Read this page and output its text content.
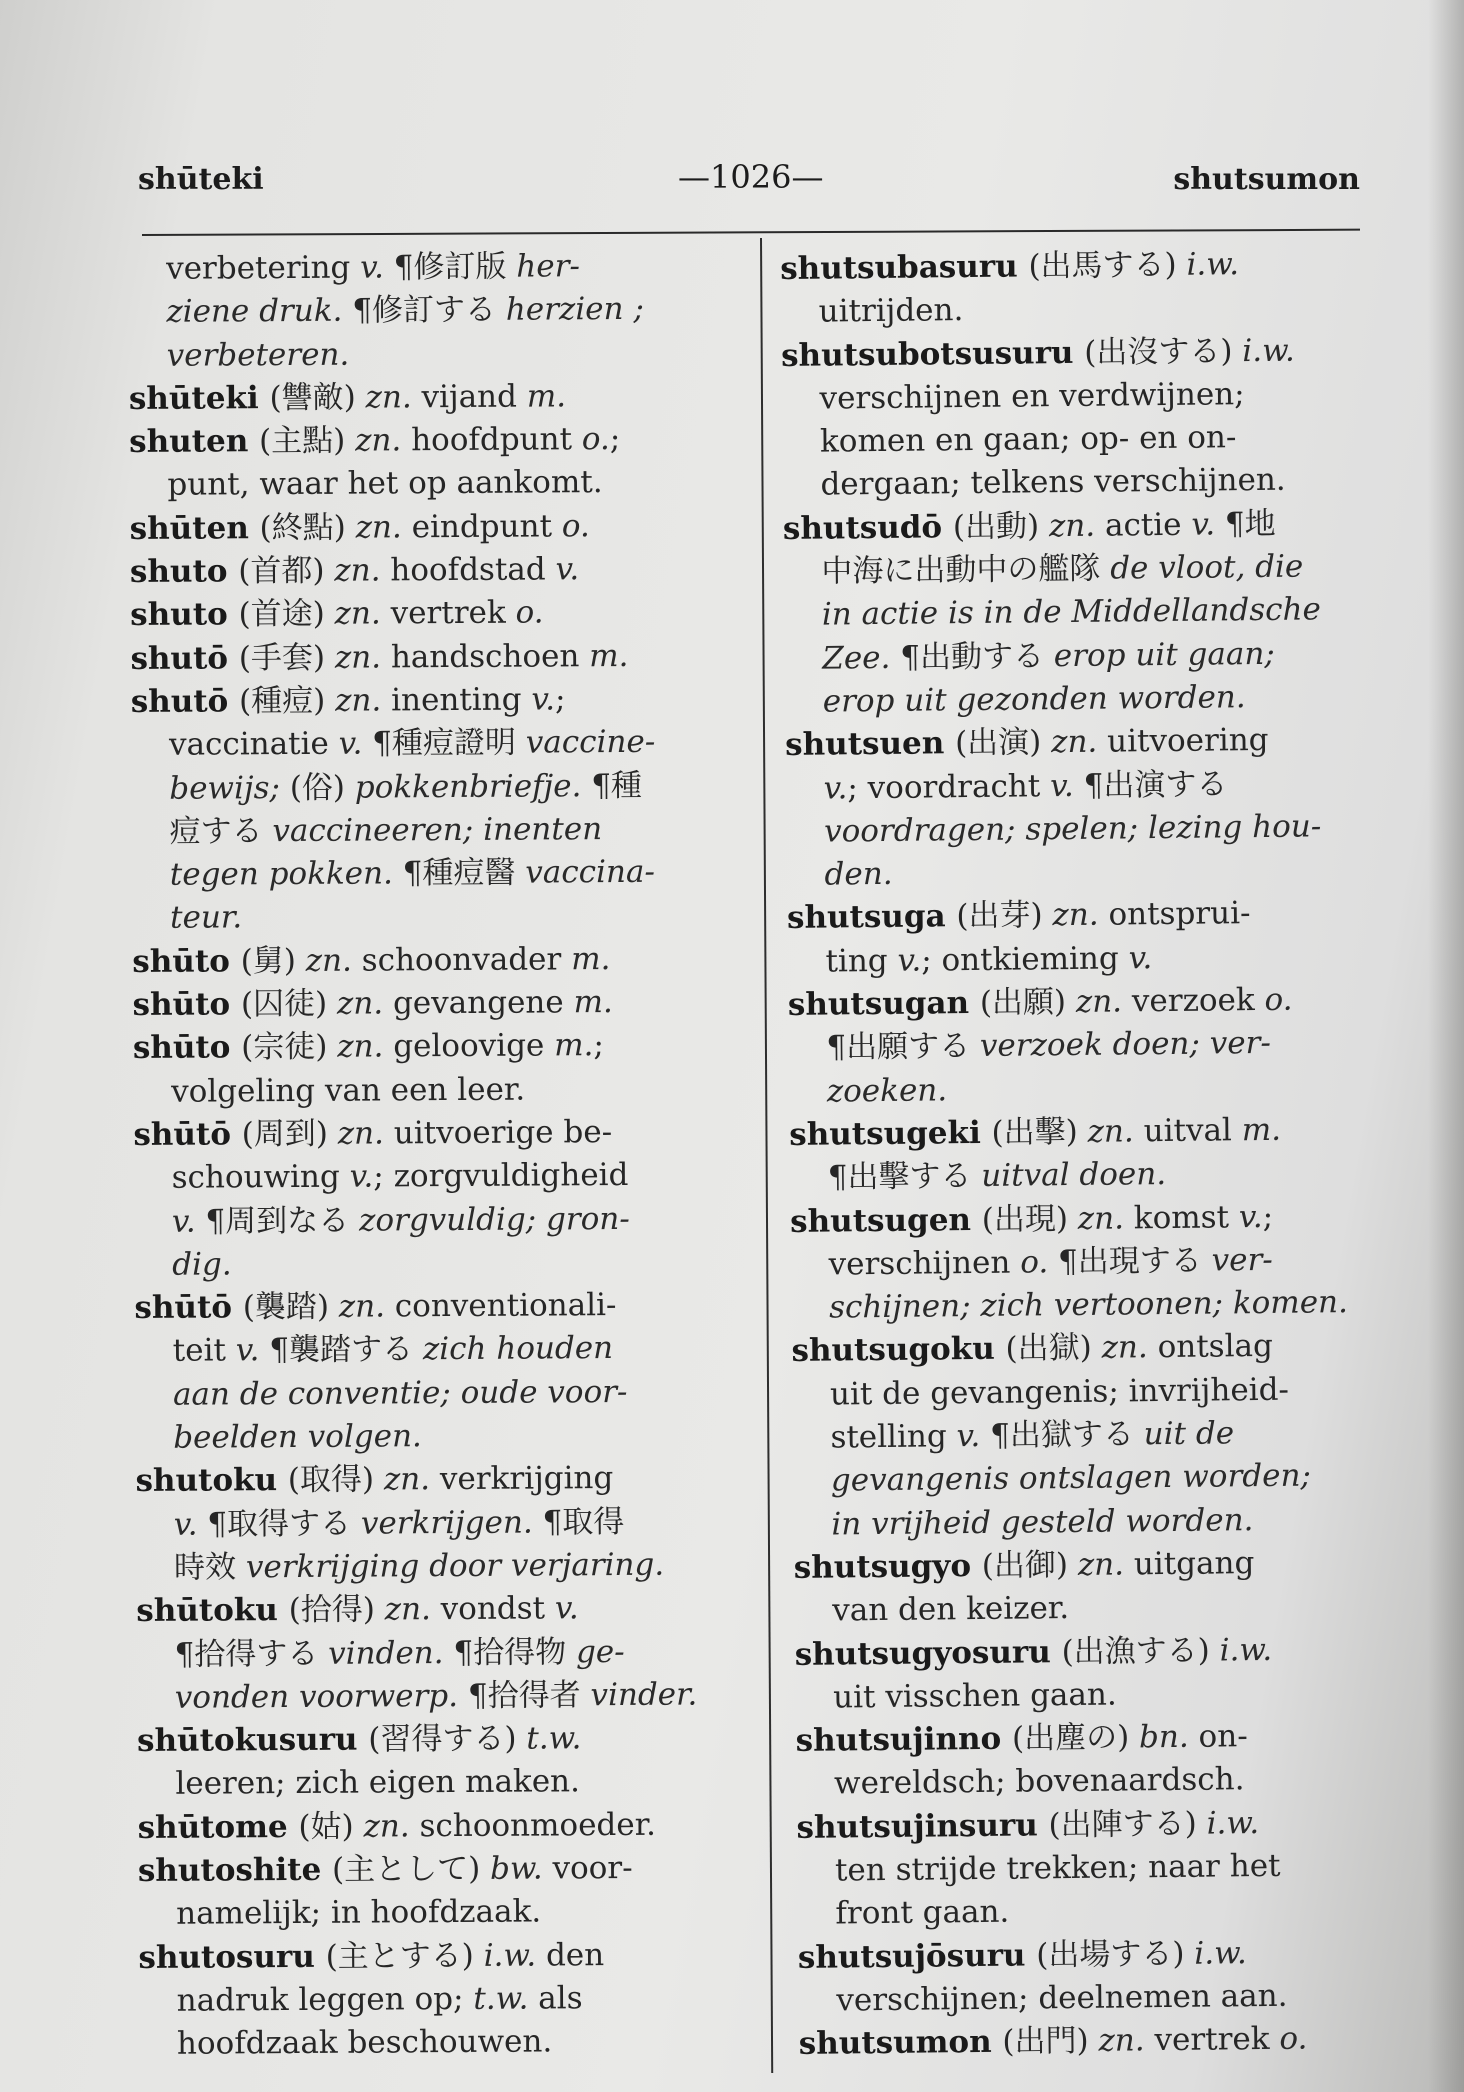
shūteki	—1026—	shutsumon
verbetering v. ¶修訂版 her-
ziene druk. ¶修訂する herzien ;
verbeteren.
shūteki (讐敵) zn. vijand m.
shuten (主點) zn. hoofdpunt o.;
punt, waar het op aankomt.
shūten (終點) zn. eindpunt o.
shuto (首都) zn. hoofdstad v.
shuto (首途) zn. vertrek o.
shutō (手套) zn. handschoen m.
shutō (種痘) zn. inenting v.;
vaccinatie v. ¶種痘證明 vaccine-
bewijs; (俗) pokkenbriefje. ¶種
痘する vaccineeren; inenten
tegen pokken. ¶種痘醫 vaccina-
teur.
shūto (舅) zn. schoonvader m.
shūto (囚徒) zn. gevangene m.
shūto (宗徒) zn. geloovige m.;
volgeling van een leer.
shūtō (周到) zn. uitvoerige be-
schouwing v.; zorgvuldigheid
v. ¶周到なる zorgvuldig; gron-
dig.
shūtō (襲踏) zn. conventionali-
teit v. ¶襲踏する zich houden
aan de conventie; oude voor-
beelden volgen.
shutoku (取得) zn. verkrijging
v. ¶取得する verkrijgen. ¶取得
時效 verkrijging door verjaring.
shūtoku (拾得) zn. vondst v.
¶拾得する vinden. ¶拾得物 ge-
vonden voorwerp. ¶拾得者 vinder.
shūtokusuru (習得する) t.w.
leeren; zich eigen maken.
shūtome (姑) zn. schoonmoeder.
shutoshite (主として) bw. voor-
namelijk; in hoofdzaak.
shutosuru (主とする) i.w. den
nadruk leggen op; t.w. als
hoofdzaak beschouwen.
shutsubasuru (出馬する) i.w.
uitrijden.
shutsubotsusuru (出沒する) i.w.
verschijnen en verdwijnen;
komen en gaan; op- en on-
dergaan; telkens verschijnen.
shutsudō (出動) zn. actie v. ¶地
中海に出動中の艦隊 de vloot, die
in actie is in de Middellandsche
Zee. ¶出動する erop uit gaan;
erop uit gezonden worden.
shutsuen (出演) zn. uitvoering
v.; voordracht v. ¶出演する
voordragen; spelen; lezing hou-
den.
shutsuga (出芽) zn. ontsprui-
ting v.; ontkieming v.
shutsugan (出願) zn. verzoek o.
¶出願する verzoek doen; ver-
zoeken.
shutsugeki (出擊) zn. uitval m.
¶出擊する uitval doen.
shutsugen (出現) zn. komst v.;
verschijnen o. ¶出現する ver-
schijnen; zich vertoonen; komen.
shutsugoku (出獄) zn. ontslag
uit de gevangenis; invrijheid-
stelling v. ¶出獄する uit de
gevangenis ontslagen worden;
in vrijheid gesteld worden.
shutsugyo (出御) zn. uitgang
van den keizer.
shutsugyosuru (出漁する) i.w.
uit visschen gaan.
shutsujinno (出塵の) bn. on-
wereldsch; bovenaardsch.
shutsujinsuru (出陣する) i.w.
ten strijde trekken; naar het
front gaan.
shutsujōsuru (出場する) i.w.
verschijnen; deelnemen aan.
shutsumon (出門) zn. vertrek o.
